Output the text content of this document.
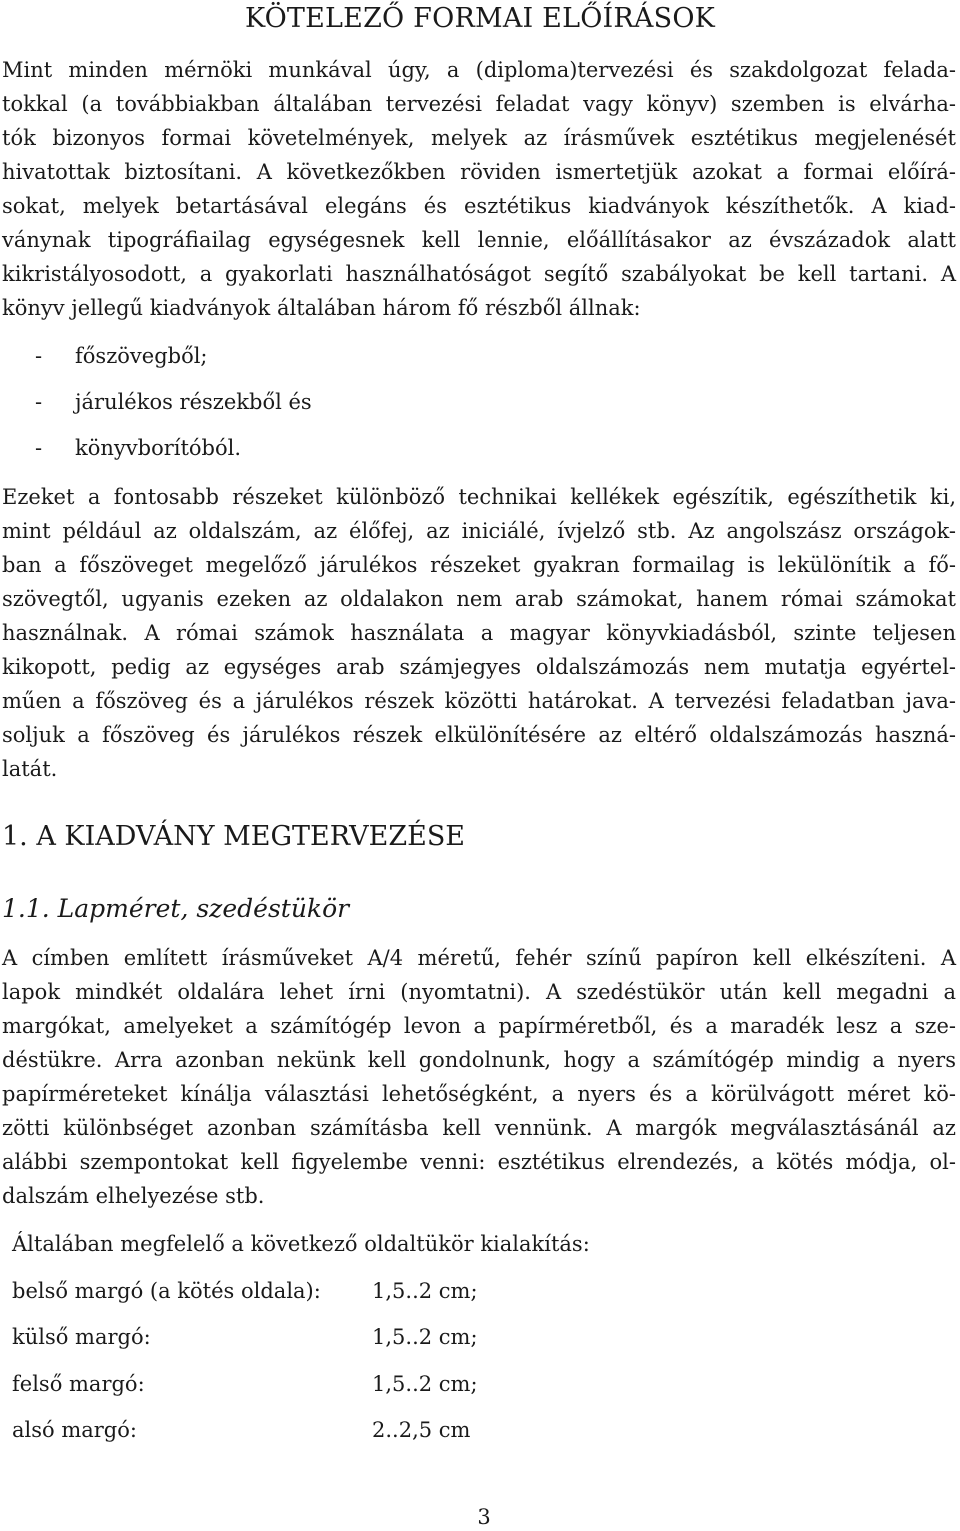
KÖTELEZŐ FORMAI ELŐÍRÁSOK
Mint minden mérnöki munkával úgy, a (diploma)tervezési és szakdolgozat felada-
tokkal (a továbbiakban általában tervezési feladat vagy könyv) szemben is elvárha-
tók bizonyos formai követelmények, melyek az írásművek esztétikus megjelenését
hivatottak biztosítani. A következőkben röviden ismertetjük azokat a formai előírá-
sokat, melyek betartásával elegáns és esztétikus kiadványok készíthetők. A kiad-
ványnak tipográfiailag egységesnek kell lennie, előállításakor az évszázadok alatt
kikristályosodott, a gyakorlati használhatóságot segítő szabályokat be kell tartani. A
könyv jellegű kiadványok általában három fő részből állnak:
- főszövegből;
- járulékos részekből és
- könyvborítóból.
Ezeket a fontosabb részeket különböző technikai kellékek egészítik, egészíthetik ki,
mint például az oldalszám, az élőfej, az iniciálé, ívjelző stb. Az angolszász országok-
ban a főszöveget megelőző járulékos részeket gyakran formailag is lekülönítik a fő-
szövegtől, ugyanis ezeken az oldalakon nem arab számokat, hanem római számokat
használnak. A római számok használata a magyar könyvkiadásból, szinte teljesen
kikopott, pedig az egységes arab számjegyes oldalszámozás nem mutatja egyértel-
műen a főszöveg és a járulékos részek közötti határokat. A tervezési feladatban java-
soljuk a főszöveg és járulékos részek elkülönítésére az eltérő oldalszámozás haszná-
latát.
1. A KIADVÁNY MEGTERVEZÉSE
1.1. Lapméret, szedéstükör
A címben említett írásműveket A/4 méretű, fehér színű papíron kell elkészíteni. A
lapok mindkét oldalára lehet írni (nyomtatni). A szedéstükör után kell megadni a
margókat, amelyeket a számítógép levon a papírméretből, és a maradék lesz a sze-
déstükre. Arra azonban nekünk kell gondolnunk, hogy a számítógép mindig a nyers
papírméreteket kínálja választási lehetőségként, a nyers és a körülvágott méret kö-
zötti különbséget azonban számításba kell vennünk. A margók megválasztásánál az
alábbi szempontokat kell figyelembe venni: esztétikus elrendezés, a kötés módja, ol-
dalszám elhelyezése stb.
Általában megfelelő a következő oldaltükör kialakítás:
belső margó (a kötés oldala): 1,5..2 cm;
külső margó:	1,5..2 cm;
felső margó:	1,5..2 cm;
alsó margó:	2..2,5 cm
3
